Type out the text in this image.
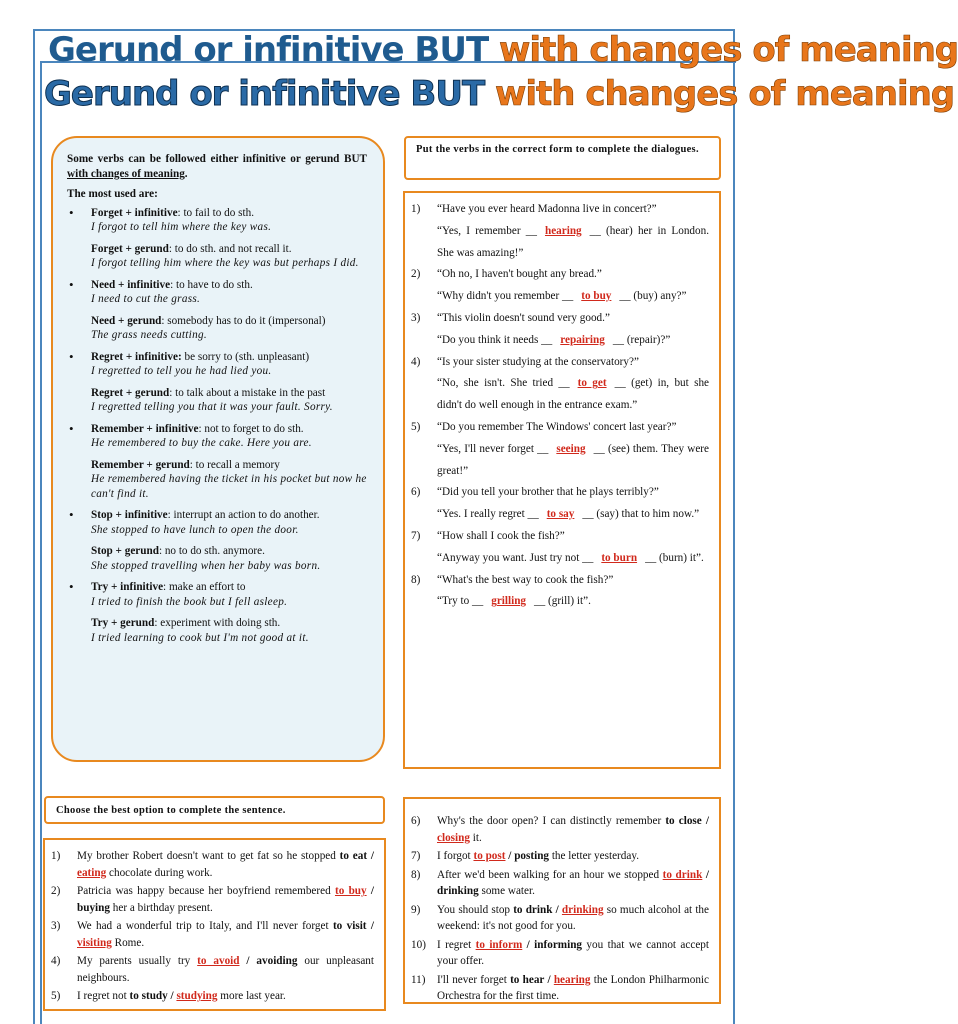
Gerund or infinitive BUT with changes of meaning
Gerund or infinitive BUT with changes of meaning

Some verbs can be followed either infinitive or gerund BUT with changes of meaning.

The most used are:

• Forget + infinitive: to fail to do sth.
I forgot to tell him where the key was.
Forget + gerund: to do sth. and not recall it.
I forgot telling him where the key was but perhaps I did.
• Need + infinitive: to have to do sth.
I need to cut the grass.
Need + gerund: somebody has to do it (impersonal)
The grass needs cutting.
• Regret + infinitive: be sorry to (sth. unpleasant)
I regretted to tell you he had lied you.
Regret + gerund: to talk about a mistake in the past
I regretted telling you that it was your fault. Sorry.
• Remember + infinitive: not to forget to do sth.
He remembered to buy the cake. Here you are.
Remember + gerund: to recall a memory
He remembered having the ticket in his pocket but now he can't find it.
• Stop + infinitive: interrupt an action to do another.
She stopped to have lunch to open the door.
Stop + gerund: no to do sth. anymore.
She stopped travelling when her baby was born.
• Try + infinitive: make an effort to
I tried to finish the book but I fell asleep.
Try + gerund: experiment with doing sth.
I tried learning to cook but I'm not good at it.
Put the verbs in the correct form to complete the dialogues.
1) “Have you ever heard Madonna live in concert?”
“Yes, I remember __ hearing __ (hear) her in London. She was amazing!”
2) “Oh no, I haven't bought any bread.”
“Why didn't you remember __ to buy __ (buy) any?”
3) “This violin doesn't sound very good.”
“Do you think it needs __ repairing __ (repair)?”
4) “Is your sister studying at the conservatory?”
“No, she isn't. She tried __ to get __ (get) in, but she didn't do well enough in the entrance exam.”
5) “Do you remember The Windows' concert last year?”
“Yes, I'll never forget __ seeing __ (see) them. They were great!”
6) “Did you tell your brother that he plays terribly?”
“Yes. I really regret __ to say __ (say) that to him now.”
7) “How shall I cook the fish?”
“Anyway you want. Just try not __ to burn __ (burn) it”.
8) “What's the best way to cook the fish?”
“Try to __ grilling __ (grill) it”.
Choose the best option to complete the sentence.
1) My brother Robert doesn't want to get fat so he stopped to eat / eating chocolate during work.
2) Patricia was happy because her boyfriend remembered to buy / buying her a birthday present.
3) We had a wonderful trip to Italy, and I'll never forget to visit / visiting Rome.
4) My parents usually try to avoid / avoiding our unpleasant neighbours.
5) I regret not to study / studying more last year.
6) Why's the door open? I can distinctly remember to close / closing it.
7) I forgot to post / posting the letter yesterday.
8) After we'd been walking for an hour we stopped to drink / drinking some water.
9) You should stop to drink / drinking so much alcohol at the weekend: it's not good for you.
10) I regret to inform / informing you that we cannot accept your offer.
11) I'll never forget to hear / hearing the London Philharmonic Orchestra for the first time.
